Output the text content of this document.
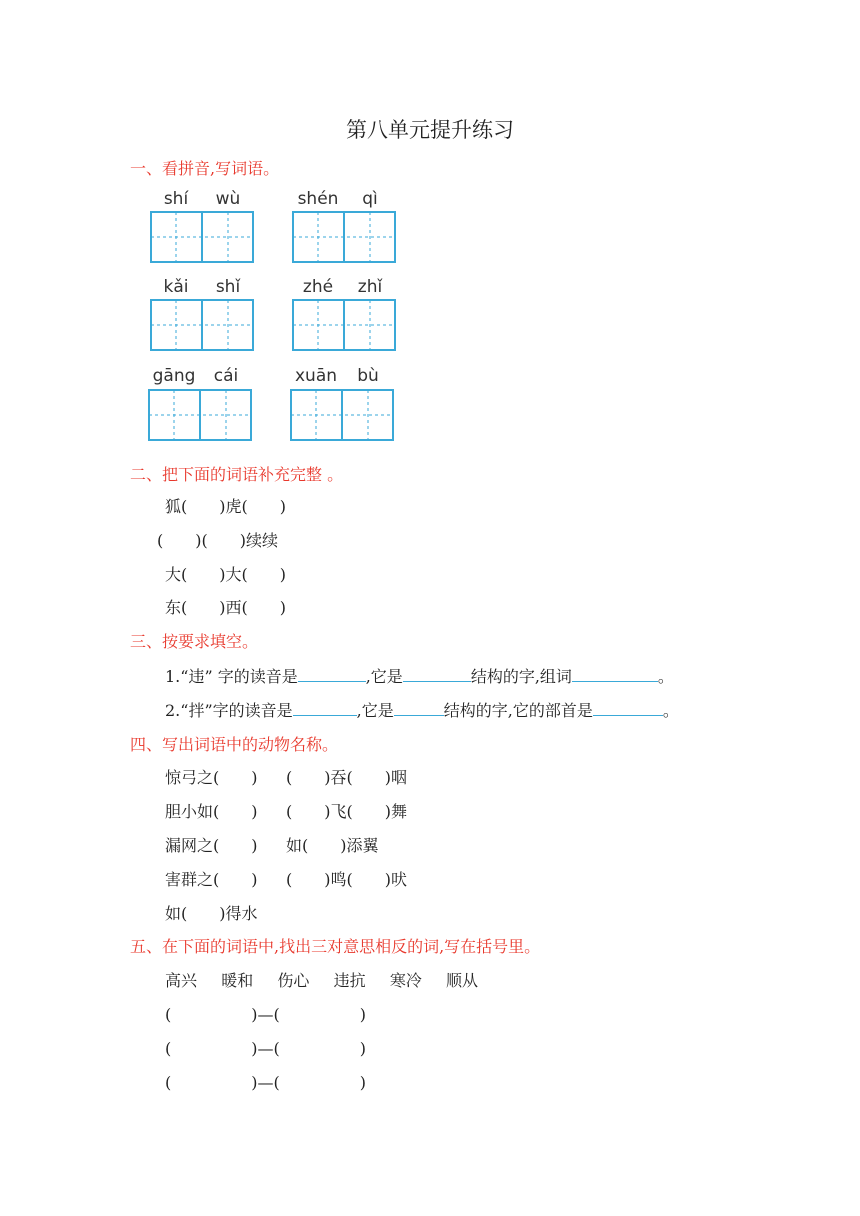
第八单元提升练习
一、看拼音,写词语。
shí	wù	shén	qì
kǎi	shǐ	zhé	zhǐ
gāng	cái	xuān	bù
二、把下面的词语补充完整 。
狐(　　)虎(　　)
(　　)(　　)续续
大(　　)大(　　)
东(　　)西(　　)
三、按要求填空。
1.“违” 字的读音是	,它是	结构的字,组词	。
2.“拌”字的读音是	,它是	结构的字,它的部首是	。
四、写出词语中的动物名称。
惊弓之(　　) (　　)吞(　　)咽
胆小如(　　) (　　)飞(　　)舞
漏网之(　　) 如(　　)添翼
害群之(　　) (　　)鸣(　　)吠
如(　　)得水
五、在下面的词语中,找出三对意思相反的词,写在括号里。
高兴 暖和 伤心 违抗 寒冷 顺从
(　　　　　)—(　　　　　)
(　　　　　)—(　　　　　)
(　　　　　)—(　　　　　)
